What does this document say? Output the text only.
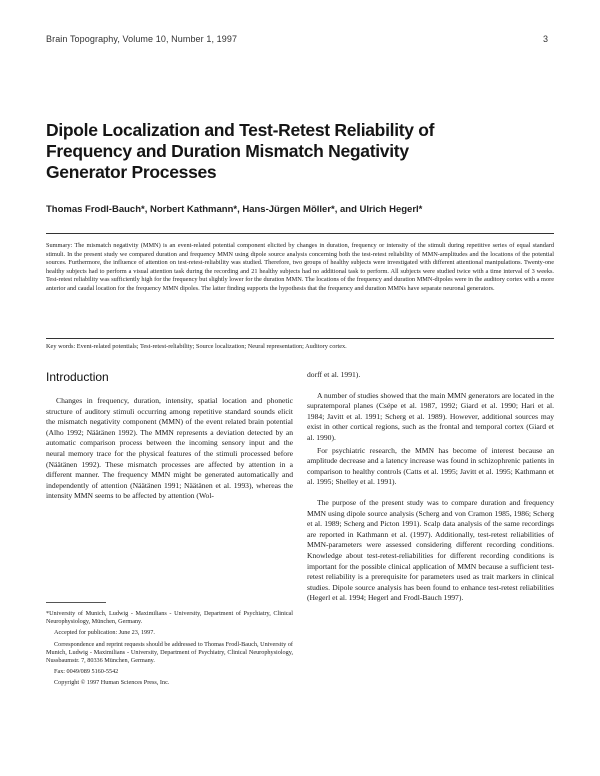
Brain Topography, Volume 10, Number 1, 1997	3
Dipole Localization and Test-Retest Reliability of Frequency and Duration Mismatch Negativity Generator Processes
Thomas Frodl-Bauch*, Norbert Kathmann*, Hans-Jürgen Möller*, and Ulrich Hegerl*
Summary: The mismatch negativity (MMN) is an event-related potential component elicited by changes in duration, frequency or intensity of the stimuli during repetitive series of equal standard stimuli. In the present study we compared duration and frequency MMN using dipole source analysis concerning both the test-retest reliability of MMN-amplitudes and the locations of the potential sources. Furthermore, the influence of attention on test-retest-reliability was studied. Therefore, two groups of healthy subjects were investigated with different attentional manipulations. Twenty-one healthy subjects had to perform a visual attention task during the recording and 21 healthy subjects had no additional task to perform. All subjects were studied twice with a time interval of 3 weeks. Test-retest reliability was sufficiently high for the frequency but slightly lower for the duration MMN. The locations of the frequency and duration MMN-dipoles were in the auditory cortex with a more anterior and caudal location for the frequency MMN dipoles. The latter finding supports the hypothesis that the frequency and duration MMNs have separate neuronal generators.
Key words: Event-related potentials; Test-retest-reliability; Source localization; Neural representation; Auditory cortex.
Introduction

Changes in frequency, duration, intensity, spatial location and phonetic structure of auditory stimuli occurring among repetitive standard sounds elicit the mismatch negativity component (MMN) of the event related brain potential (Alho 1992; Näätänen 1992). The MMN represents a deviation detected by an automatic comparison process between the incoming sensory input and the neural memory trace for the physical features of the stimuli processed before (Näätänen 1992). These mismatch processes are affected by attention in a different manner. The frequency MMN might be generated automatically and independently of attention (Näätänen 1991; Näätänen et al. 1993), whereas the intensity MMN seems to be affected by attention (Wol-

dorff et al. 1991).

A number of studies showed that the main MMN generators are located in the supratemporal planes (Csépe et al. 1987, 1992; Giard et al. 1990; Hari et al. 1984; Javitt et al. 1991; Scherg et al. 1989). However, additional sources may exist in other cortical regions, such as the frontal and temporal cortex (Giard et al. 1990).

For psychiatric research, the MMN has become of interest because an amplitude decrease and a latency increase was found in schizophrenic patients in comparison to healthy controls (Catts et al. 1995; Javitt et al. 1995; Kathmann et al. 1995; Shelley et al. 1991).

The purpose of the present study was to compare duration and frequency MMN using dipole source analysis (Scherg and von Cramon 1985, 1986; Scherg et al. 1989; Scherg and Picton 1991). Scalp data analysis of the same recordings are reported in Kathmann et al. (1997). Additionally, test-retest reliabilities of MMN-parameters were assessed considering different recording conditions. Knowledge about test-retest-reliabilities for different recording conditions is important for the possible clinical application of MMN because a sufficient test-retest reliability is a prerequisite for parameters used as trait markers in clinical studies. Dipole source analysis has been found to enhance test-retest reliabilities (Hegerl et al. 1994; Hegerl and Frodl-Bauch 1997).

*University of Munich, Ludwig - Maximilians - University, Department of Psychiatry, Clinical Neurophysiology, München, Germany.

Accepted for publication: June 23, 1997.

Correspondence and reprint requests should be addressed to Thomas Frodl-Bauch, University of Munich, Ludwig - Maximilians - University, Department of Psychiatry, Clinical Neurophysiology, Nussbaumstr. 7, 80336 München, Germany.

Fax: 0049/089 5160-5542

Copyright © 1997 Human Sciences Press, Inc.
